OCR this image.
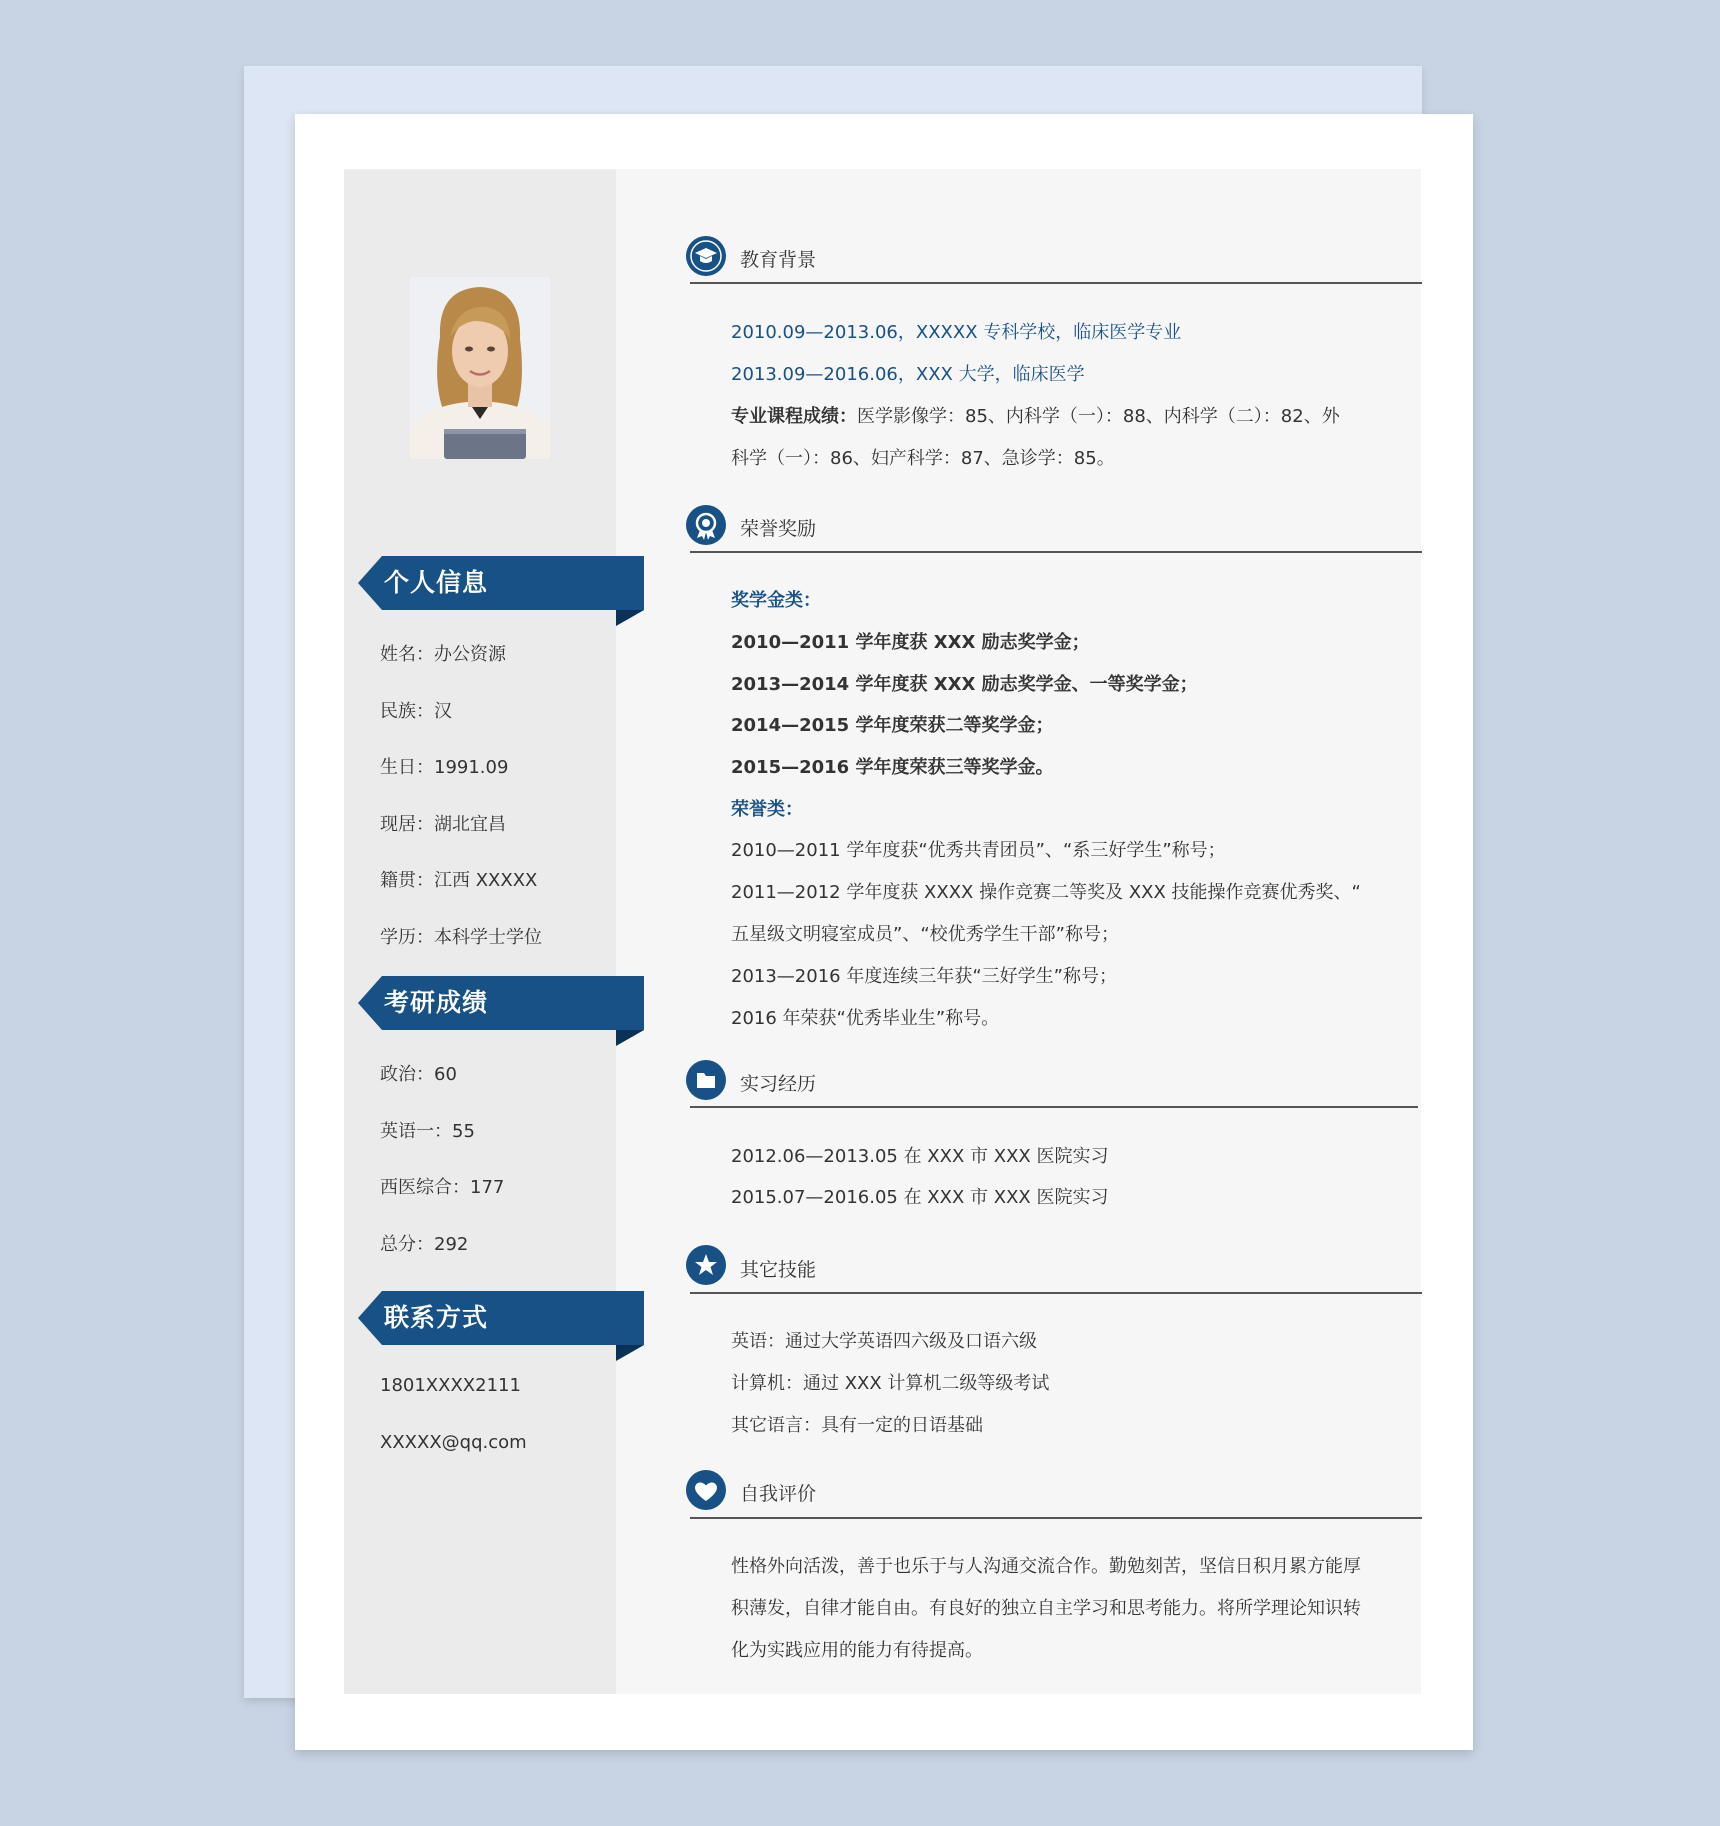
个人信息
姓名：办公资源
民族：汉
生日：1991.09
现居：湖北宜昌
籍贯：江西 XXXXX
学历：本科学士学位
考研成绩
政治：60
英语一：55
西医综合：177
总分：292
联系方式
1801XXXX2111
XXXXX@qq.com
教育背景
2010.09—2013.06，XXXXX 专科学校，临床医学专业
2013.09—2016.06，XXX 大学，临床医学
专业课程成绩：医学影像学：85、内科学（一）：88、内科学（二）：82、外
科学（一）：86、妇产科学：87、急诊学：85。
荣誉奖励
奖学金类：
2010—2011 学年度获 XXX 励志奖学金；
2013—2014 学年度获 XXX 励志奖学金、一等奖学金；
2014—2015 学年度荣获二等奖学金；
2015—2016 学年度荣获三等奖学金。
荣誉类：
2010—2011 学年度获“优秀共青团员”、“系三好学生”称号；
2011—2012 学年度获 XXXX 操作竞赛二等奖及 XXX 技能操作竞赛优秀奖、“
五星级文明寝室成员”、“校优秀学生干部”称号；
2013—2016 年度连续三年获“三好学生”称号；
2016 年荣获“优秀毕业生”称号。
实习经历
2012.06—2013.05 在 XXX 市 XXX 医院实习
2015.07—2016.05 在 XXX 市 XXX 医院实习
其它技能
英语：通过大学英语四六级及口语六级
计算机：通过 XXX 计算机二级等级考试
其它语言：具有一定的日语基础
自我评价
性格外向活泼，善于也乐于与人沟通交流合作。勤勉刻苦，坚信日积月累方能厚
积薄发，自律才能自由。有良好的独立自主学习和思考能力。将所学理论知识转
化为实践应用的能力有待提高。
